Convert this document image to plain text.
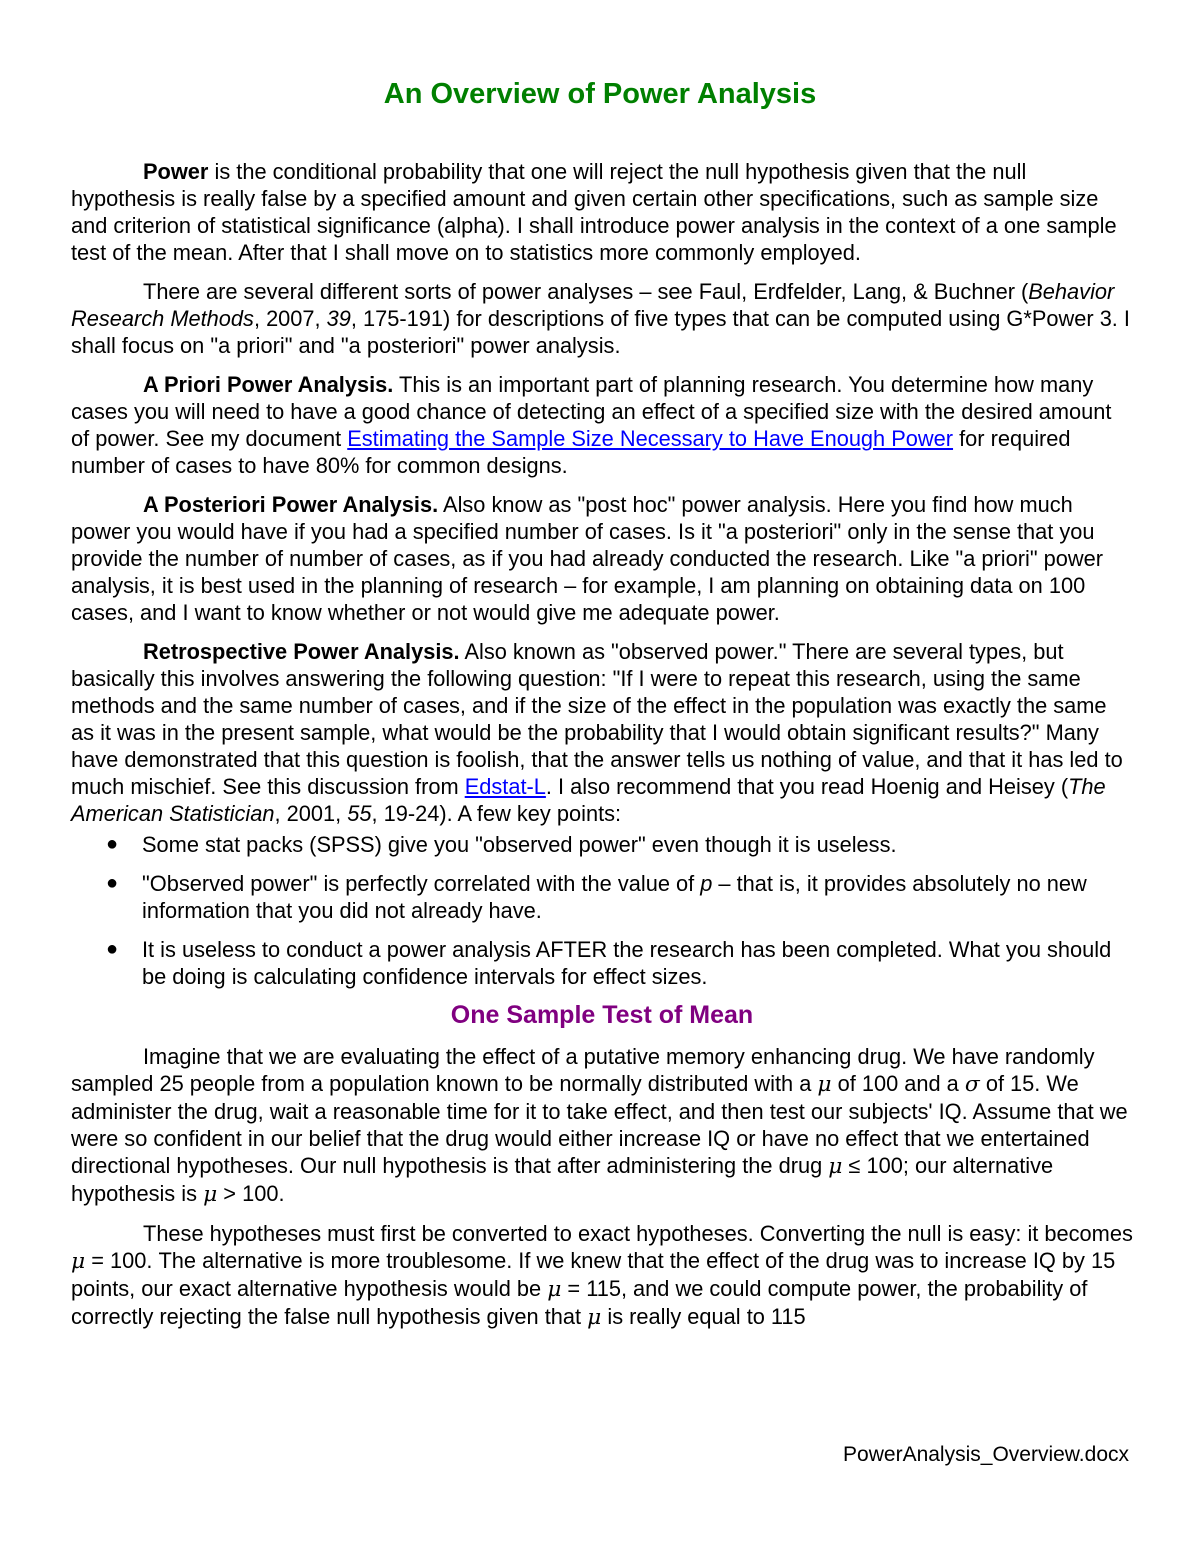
An Overview of Power Analysis

Power is the conditional probability that one will reject the null hypothesis given that the null hypothesis is really false by a specified amount and given certain other specifications, such as sample size and criterion of statistical significance (alpha). I shall introduce power analysis in the context of a one sample test of the mean. After that I shall move on to statistics more commonly employed.

There are several different sorts of power analyses – see Faul, Erdfelder, Lang, & Buchner (Behavior Research Methods, 2007, 39, 175-191) for descriptions of five types that can be computed using G*Power 3. I shall focus on "a priori" and "a posteriori" power analysis.

A Priori Power Analysis. This is an important part of planning research. You determine how many cases you will need to have a good chance of detecting an effect of a specified size with the desired amount of power. See my document Estimating the Sample Size Necessary to Have Enough Power for required number of cases to have 80% for common designs.

A Posteriori Power Analysis. Also know as "post hoc" power analysis. Here you find how much power you would have if you had a specified number of cases. Is it "a posteriori" only in the sense that you provide the number of number of cases, as if you had already conducted the research. Like "a priori" power analysis, it is best used in the planning of research – for example, I am planning on obtaining data on 100 cases, and I want to know whether or not would give me adequate power.

Retrospective Power Analysis. Also known as "observed power." There are several types, but basically this involves answering the following question: "If I were to repeat this research, using the same methods and the same number of cases, and if the size of the effect in the population was exactly the same as it was in the present sample, what would be the probability that I would obtain significant results?" Many have demonstrated that this question is foolish, that the answer tells us nothing of value, and that it has led to much mischief. See this discussion from Edstat-L. I also recommend that you read Hoenig and Heisey (The American Statistician, 2001, 55, 19-24). A few key points:

● Some stat packs (SPSS) give you "observed power" even though it is useless.
● "Observed power" is perfectly correlated with the value of p – that is, it provides absolutely no new information that you did not already have.
● It is useless to conduct a power analysis AFTER the research has been completed. What you should be doing is calculating confidence intervals for effect sizes.
One Sample Test of Mean

Imagine that we are evaluating the effect of a putative memory enhancing drug. We have randomly sampled 25 people from a population known to be normally distributed with a μ of 100 and a σ of 15. We administer the drug, wait a reasonable time for it to take effect, and then test our subjects' IQ. Assume that we were so confident in our belief that the drug would either increase IQ or have no effect that we entertained directional hypotheses. Our null hypothesis is that after administering the drug μ ≤ 100; our alternative hypothesis is μ > 100.

These hypotheses must first be converted to exact hypotheses. Converting the null is easy: it becomes μ = 100. The alternative is more troublesome. If we knew that the effect of the drug was to increase IQ by 15 points, our exact alternative hypothesis would be μ = 115, and we could compute power, the probability of correctly rejecting the false null hypothesis given that μ is really equal to 115

PowerAnalysis_Overview.docx
